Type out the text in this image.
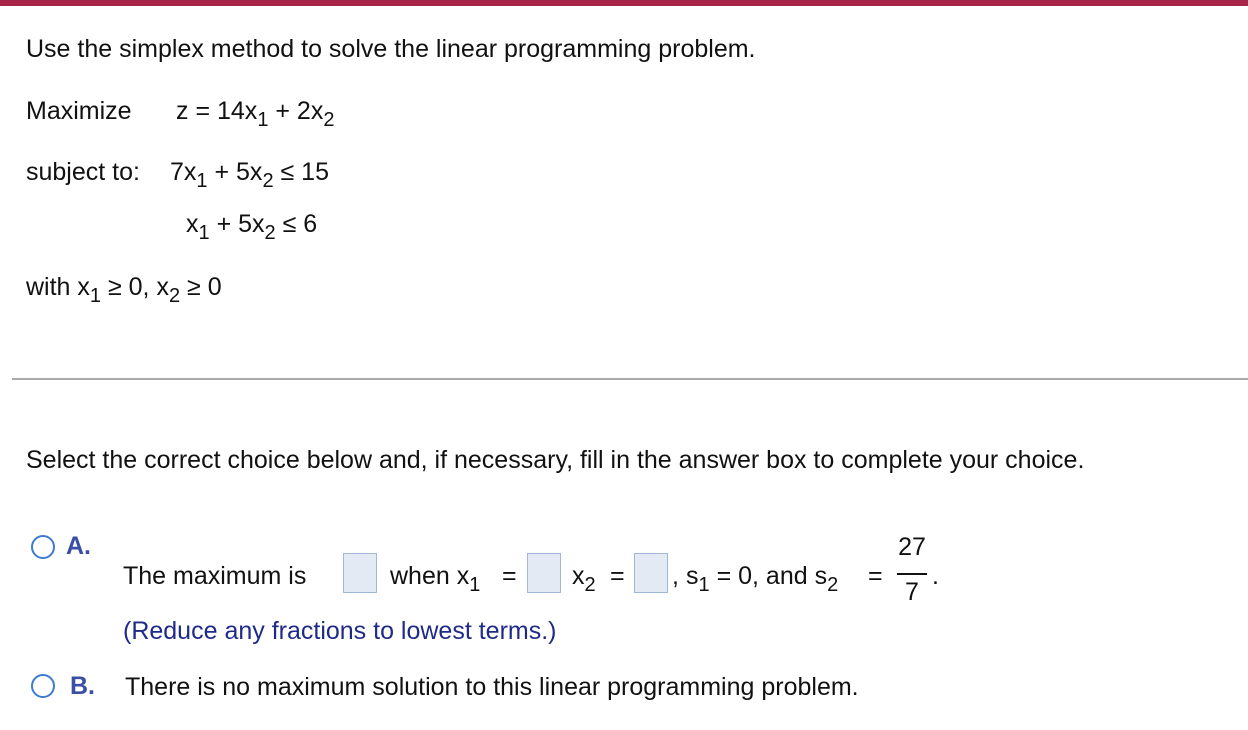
Use the simplex method to solve the linear programming problem.
Maximize $z = 14x_1 + 2x_2$
subject to: $7x_1 + 5x_2 \le 15$
$x_1 + 5x_2 \le 6$
with $x_1 \ge 0$, $x_2 \ge 0$
Select the correct choice below and, if necessary, fill in the answer box to complete your choice.
A.
The maximum is	when $x_1 = x_2$ = , $s_1 = 0$, and $s_2$ =
27
7
.
(Reduce any fractions to lowest terms.)
B. There is no maximum solution to this linear programming problem.
